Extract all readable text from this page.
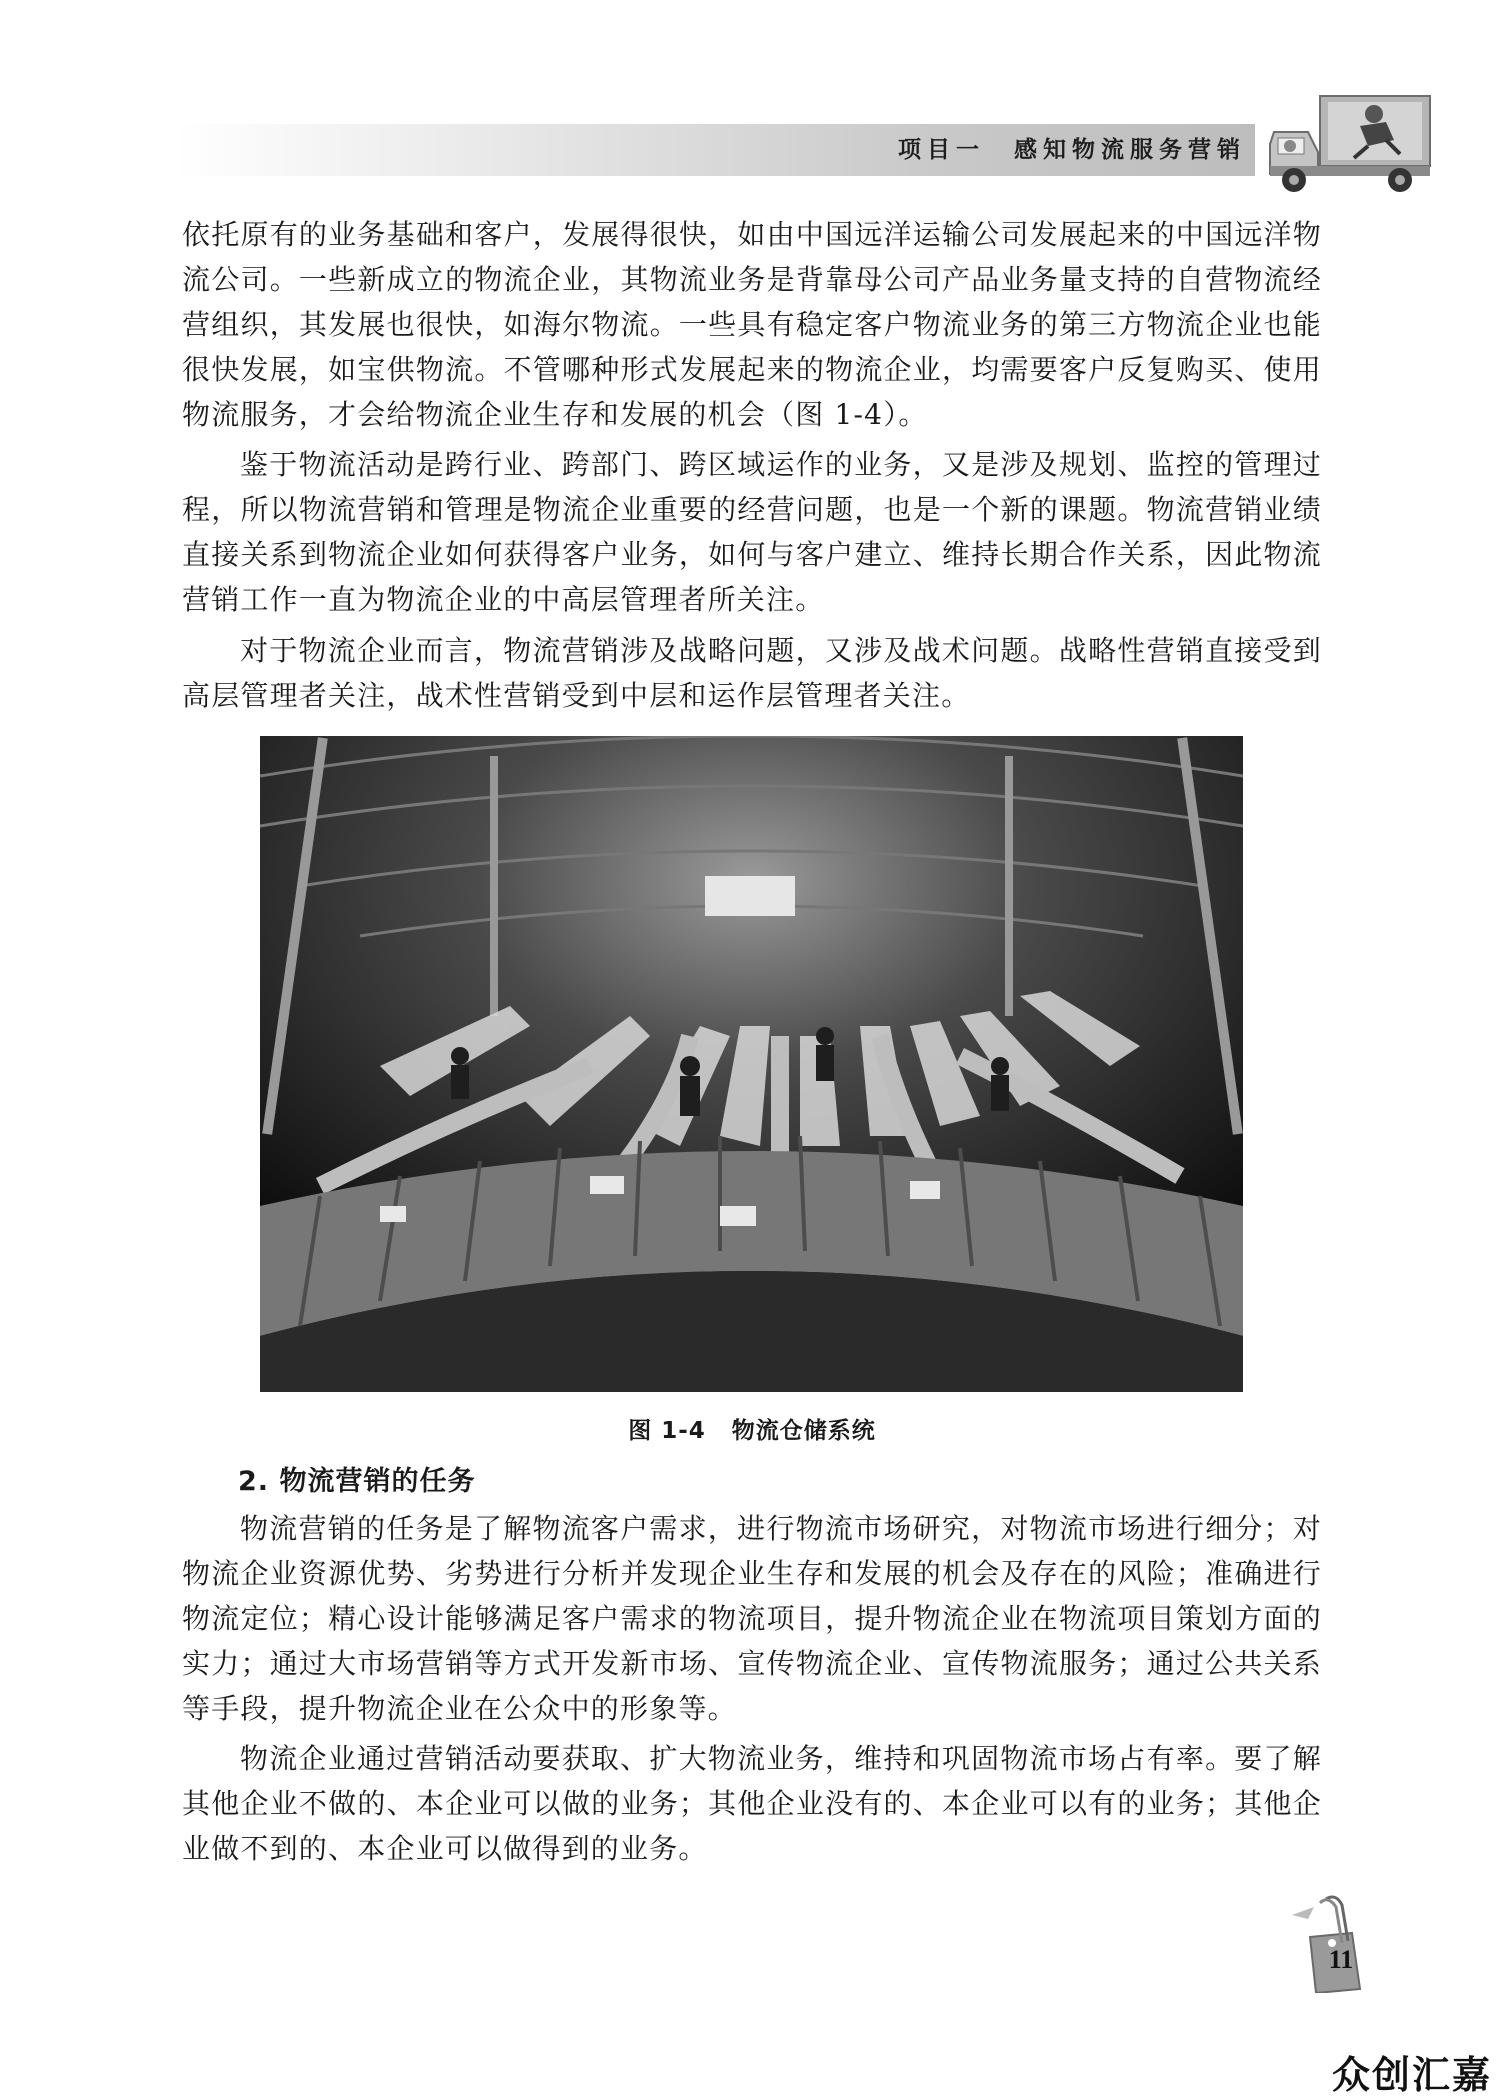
项目一　感知物流服务营销

依托原有的业务基础和客户，发展得很快，如由中国远洋运输公司发展起来的中国远洋物流公司。一些新成立的物流企业，其物流业务是背靠母公司产品业务量支持的自营物流经营组织，其发展也很快，如海尔物流。一些具有稳定客户物流业务的第三方物流企业也能很快发展，如宝供物流。不管哪种形式发展起来的物流企业，均需要客户反复购买、使用物流服务，才会给物流企业生存和发展的机会（图 1-4）。

鉴于物流活动是跨行业、跨部门、跨区域运作的业务，又是涉及规划、监控的管理过程，所以物流营销和管理是物流企业重要的经营问题，也是一个新的课题。物流营销业绩直接关系到物流企业如何获得客户业务，如何与客户建立、维持长期合作关系，因此物流营销工作一直为物流企业的中高层管理者所关注。

对于物流企业而言，物流营销涉及战略问题，又涉及战术问题。战略性营销直接受到高层管理者关注，战术性营销受到中层和运作层管理者关注。

图 1-4 物流仓储系统
2. 物流营销的任务

物流营销的任务是了解物流客户需求，进行物流市场研究，对物流市场进行细分；对物流企业资源优势、劣势进行分析并发现企业生存和发展的机会及存在的风险；准确进行物流定位；精心设计能够满足客户需求的物流项目，提升物流企业在物流项目策划方面的实力；通过大市场营销等方式开发新市场、宣传物流企业、宣传物流服务；通过公共关系等手段，提升物流企业在公众中的形象等。

物流企业通过营销活动要获取、扩大物流业务，维持和巩固物流市场占有率。要了解其他企业不做的、本企业可以做的业务；其他企业没有的、本企业可以有的业务；其他企业做不到的、本企业可以做得到的业务。

11
众创汇嘉
